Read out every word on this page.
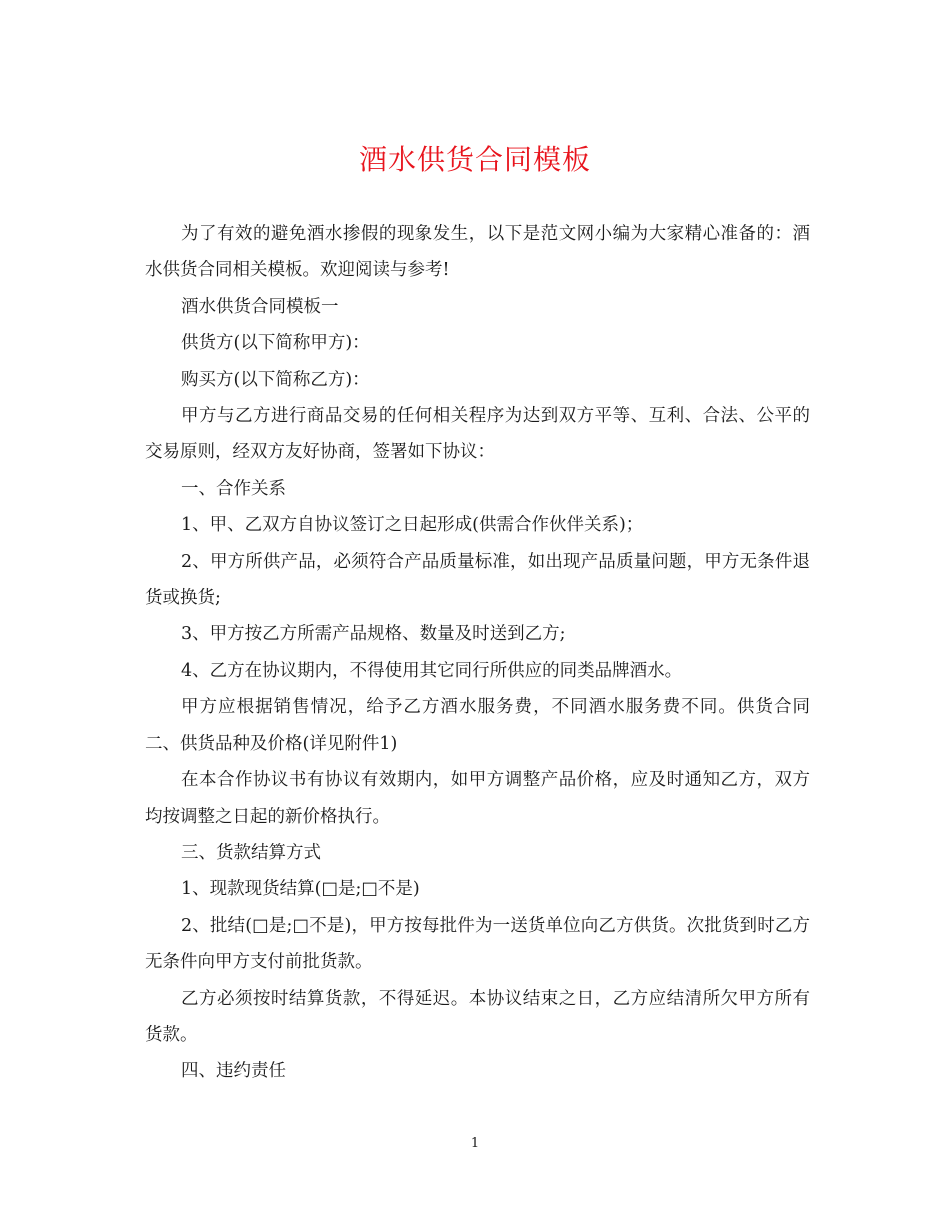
酒水供货合同模板

为了有效的避免酒水掺假的现象发生，以下是范文网小编为大家精心准备的：酒水供货合同相关模板。欢迎阅读与参考!

酒水供货合同模板一

供货方(以下简称甲方)：

购买方(以下简称乙方)：

甲方与乙方进行商品交易的任何相关程序为达到双方平等、互利、合法、公平的交易原则，经双方友好协商，签署如下协议：

一、合作关系

1、甲、乙双方自协议签订之日起形成(供需合作伙伴关系)；

2、甲方所供产品，必须符合产品质量标准，如出现产品质量问题，甲方无条件退货或换货;

3、甲方按乙方所需产品规格、数量及时送到乙方;

4、乙方在协议期内，不得使用其它同行所供应的同类品牌酒水。

甲方应根据销售情况，给予乙方酒水服务费，不同酒水服务费不同。供货合同二、供货品种及价格(详见附件1)

在本合作协议书有协议有效期内，如甲方调整产品价格，应及时通知乙方，双方均按调整之日起的新价格执行。

三、货款结算方式

1、现款现货结算(□是;□不是)

2、批结(□是;□不是)，甲方按每批件为一送货单位向乙方供货。次批货到时乙方无条件向甲方支付前批货款。

乙方必须按时结算货款，不得延迟。本协议结束之日，乙方应结清所欠甲方所有货款。

四、违约责任

1
